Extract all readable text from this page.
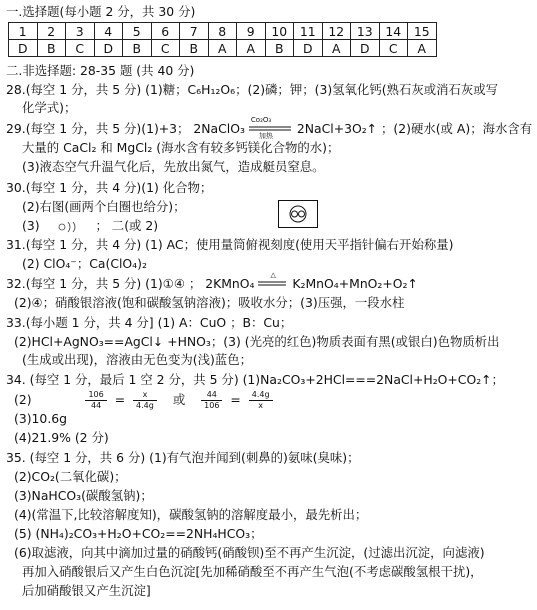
一.选择题(每小题 2 分，共 30 分)
1	2	3	4	5	6	7	8	9	10	11	12	13	14	15
D	B	C	D	B	C	B	A	A	B	D	A	D	C	A
二.非选择题: 28-35 题 (共 40 分)
28.(每空 1 分，共 5 分) (1)糖；C₆H₁₂O₆；(2)磷；钾；(3)氢氧化钙(熟石灰或消石灰或写
化学式)；
29.(每空 1 分，共 5 分)(1)+3； 2NaClO₃
Co₂O₃
加热 2NaCl+3O₂↑ ；(2)硬水(或 A)；海水含有
大量的 CaCl₂ 和 MgCl₂ (海水含有较多钙镁化合物的水)；
(3)液态空气升温气化后，先放出氮气，造成艇员窒息。
30.(每空 1 分，共 4 分)(1) 化合物；
(2)右图(画两个白圈也给分)；
(3)	； 二(或 2)
31.(每空 1 分，共 4 分) (1) AC；使用量筒俯视刻度(使用天平指针偏右开始称量)
(2) ClO₄⁻；Ca(ClO₄)₂
32.(每空 1 分，共 5 分) (1)①④ ； 2KMnO₄
△
K₂MnO₄+MnO₂+O₂↑
(2)④；硝酸银溶液(饱和碳酸氢钠溶液)；吸收水分；(3)压强，一段水柱
33.(每小题 1 分，共 4 分] (1) A：CuO ；B：Cu；
(2)HCl+AgNO₃==AgCl↓ +HNO₃；(3) (光亮的红色)物质表面有黑(或银白)色物质析出
(生成或出现)，溶液由无色变为(浅)蓝色；
34. (每空 1 分，最后 1 空 2 分，共 5 分) (1)Na₂CO₃+2HCl===2NaCl+H₂O+CO₂↑；
(2)	$\frac{106}{44} = \frac{x}{4.4g}$ 或 $\frac{44}{106} = \frac{4.4g}{x}$
(3)10.6g
(4)21.9% (2 分)
35. (每空 1 分，共 6 分) (1)有气泡并闻到(刺鼻的)氨味(臭味)；
(2)CO₂(二氧化碳)；
(3)NaHCO₃(碳酸氢钠)；
(4)(常温下,比较溶解度知)，碳酸氢钠的溶解度最小，最先析出；
(5) (NH₄)₂CO₃+H₂O+CO₂==2NH₄HCO₃；
(6)取滤液，向其中滴加过量的硝酸钙(硝酸钡)至不再产生沉淀，(过滤出沉淀，向滤液)
再加入硝酸银后又产生白色沉淀[先加稀硝酸至不再产生气泡(不考虑碳酸氢根干扰)，
后加硝酸银又产生沉淀]
